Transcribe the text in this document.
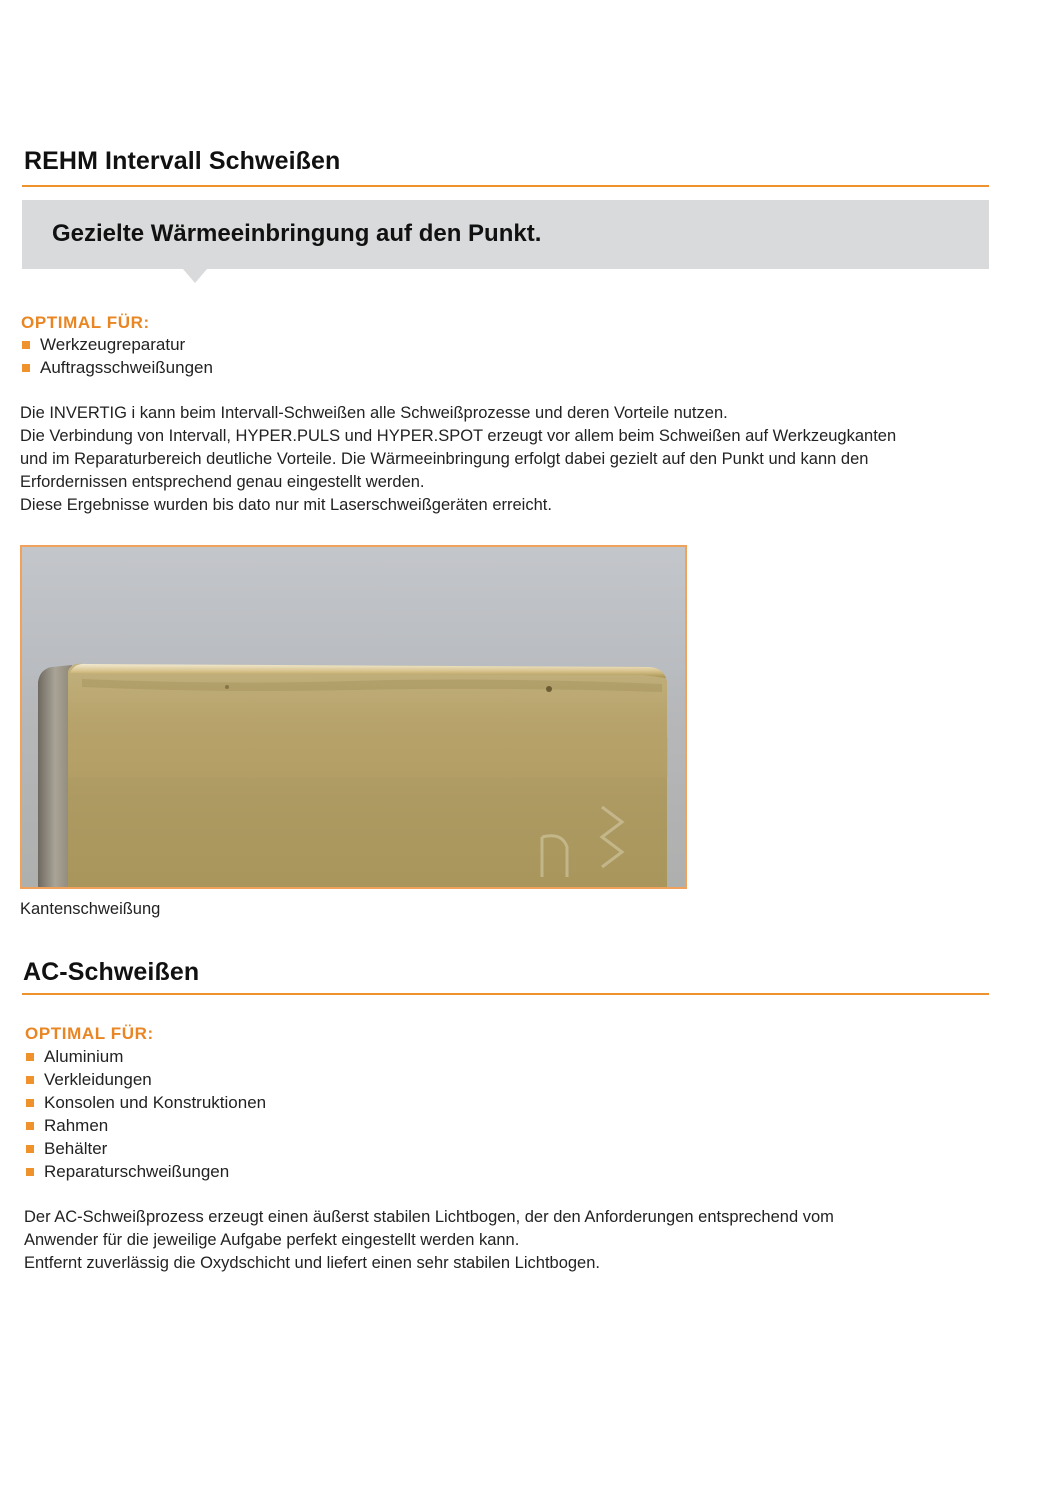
REHM Intervall Schweißen
Gezielte Wärmeeinbringung auf den Punkt.

OPTIMAL FÜR:

Werkzeugreparatur
Auftragsschweißungen

Die INVERTIG i kann beim Intervall-Schweißen alle Schweißprozesse und deren Vorteile nutzen.

Die Verbindung von Intervall, HYPER.PULS und HYPER.SPOT erzeugt vor allem beim Schweißen auf Werkzeugkanten

und im Reparaturbereich deutliche Vorteile. Die Wärmeeinbringung erfolgt dabei gezielt auf den Punkt und kann den

Erfordernissen entsprechend genau eingestellt werden.

Diese Ergebnisse wurden bis dato nur mit Laserschweißgeräten erreicht.

Kantenschweißung

AC-Schweißen

OPTIMAL FÜR:

Aluminium
Verkleidungen
Konsolen und Konstruktionen
Rahmen
Behälter
Reparaturschweißungen

Der AC-Schweißprozess erzeugt einen äußerst stabilen Lichtbogen, der den Anforderungen entsprechend vom

Anwender für die jeweilige Aufgabe perfekt eingestellt werden kann.

Entfernt zuverlässig die Oxydschicht und liefert einen sehr stabilen Lichtbogen.
